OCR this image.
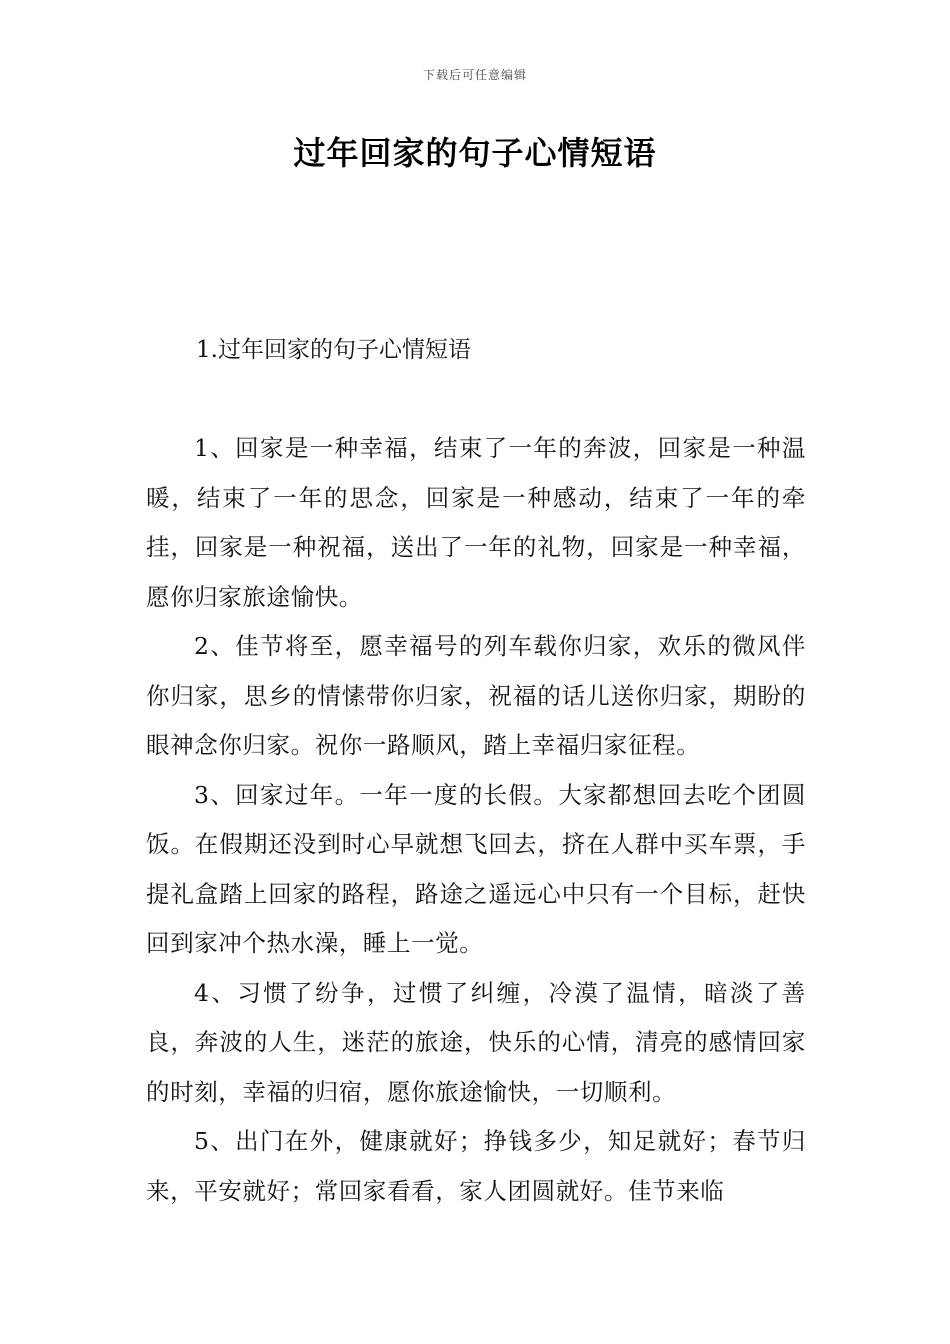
下载后可任意编辑
过年回家的句子心情短语
1.过年回家的句子心情短语

1、回家是一种幸福，结束了一年的奔波，回家是一种温暖，结束了一年的思念，回家是一种感动，结束了一年的牵挂，回家是一种祝福，送出了一年的礼物，回家是一种幸福，愿你归家旅途愉快。

2、佳节将至，愿幸福号的列车载你归家，欢乐的微风伴你归家，思乡的情愫带你归家，祝福的话儿送你归家，期盼的眼神念你归家。祝你一路顺风，踏上幸福归家征程。

3、回家过年。一年一度的长假。大家都想回去吃个团圆饭。在假期还没到时心早就想飞回去，挤在人群中买车票，手提礼盒踏上回家的路程，路途之遥远心中只有一个目标，赶快回到家冲个热水澡，睡上一觉。

4、习惯了纷争，过惯了纠缠，冷漠了温情，暗淡了善良，奔波的人生，迷茫的旅途，快乐的心情，清亮的感情回家的时刻，幸福的归宿，愿你旅途愉快，一切顺利。

5、出门在外，健康就好；挣钱多少，知足就好；春节归来，平安就好；常回家看看，家人团圆就好。佳节来临
